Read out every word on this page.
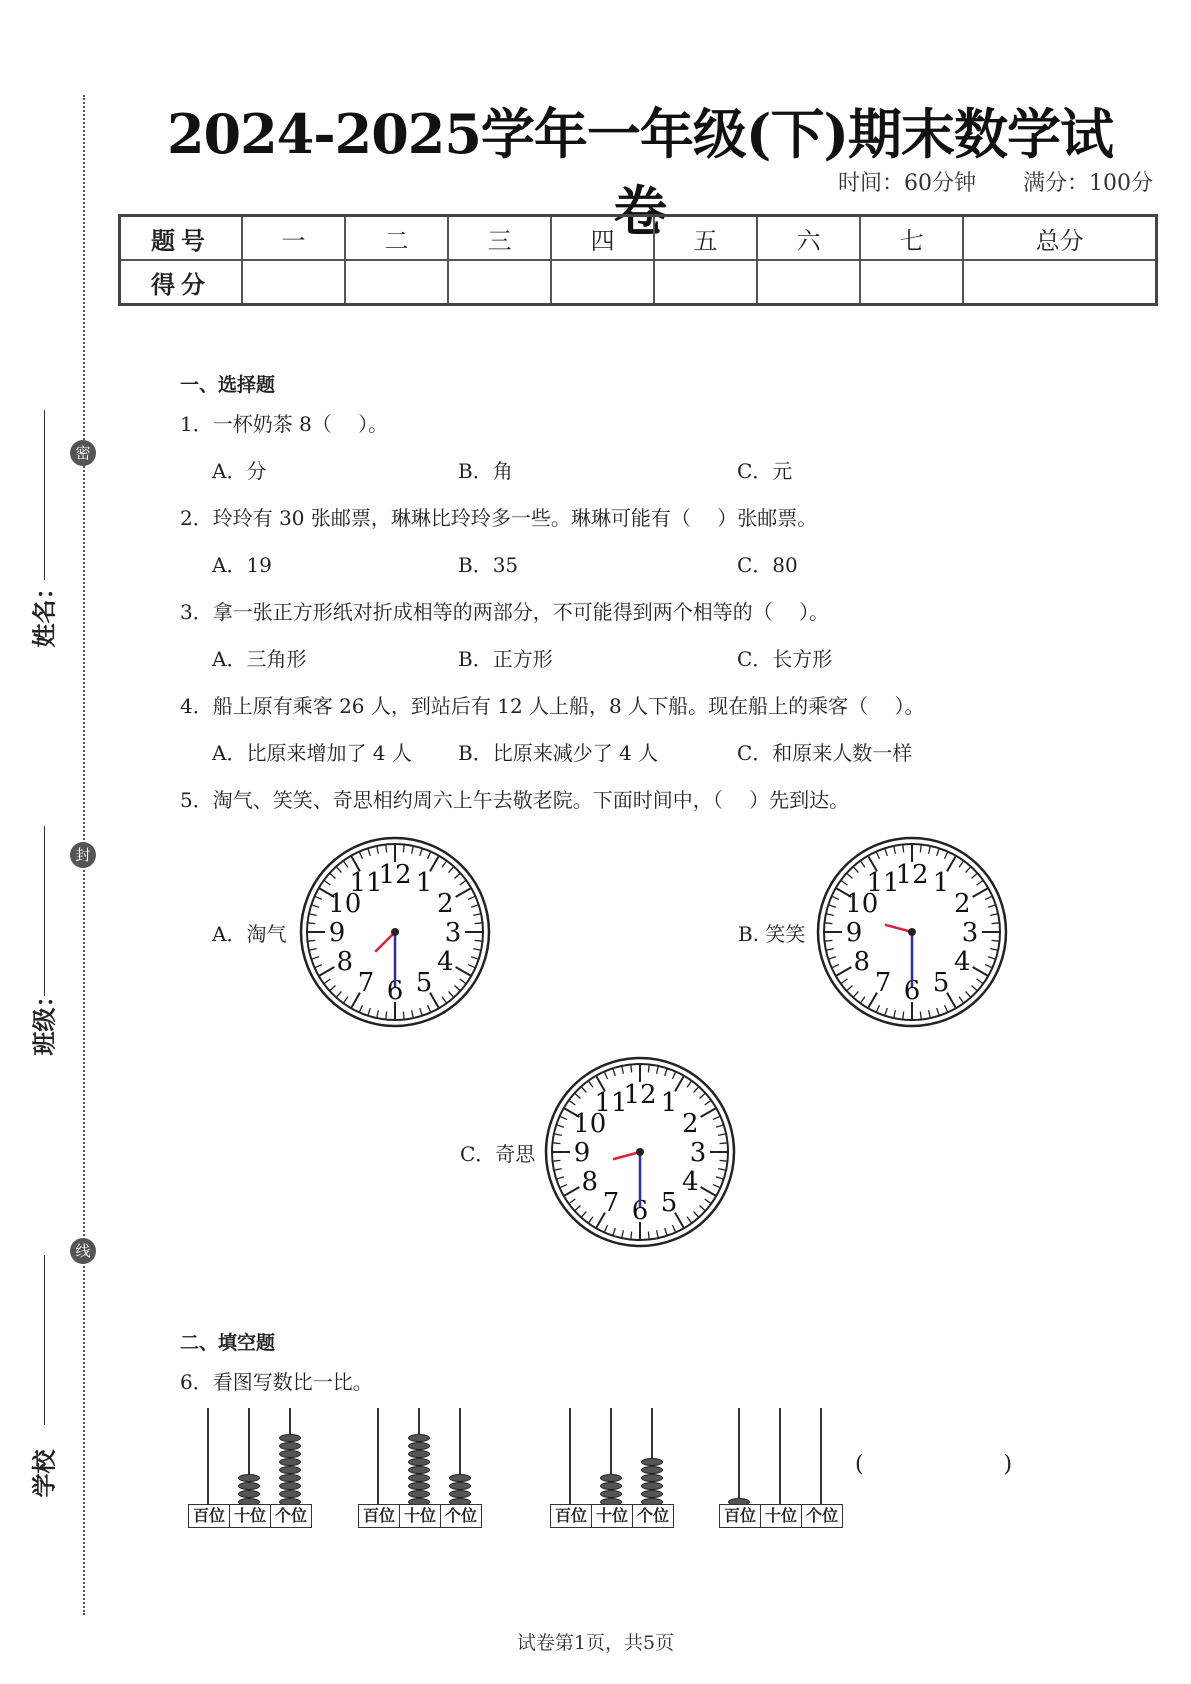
密
封
线
姓名：
班级：
学校
2024-2025学年一年级(下)期末数学试卷	时间：60分钟 满分：100分
题号	一	二	三	四	五	六	七	总分
得分								
一、选择题
1．一杯奶茶 8（　 ）。
A．分	B．角	C．元
2．玲玲有 30 张邮票，琳琳比玲玲多一些。琳琳可能有（　 ）张邮票。
A．19	B．35	C．80
3．拿一张正方形纸对折成相等的两部分，不可能得到两个相等的（　 ）。
A．三角形	B．正方形	C．长方形
4．船上原有乘客 26 人，到站后有 12 人上船，8 人下船。现在船上的乘客（　 ）。
A．比原来增加了 4 人 B．比原来减少了 4 人	C．和原来人数一样
5．淘气、笑笑、奇思相约周六上午去敬老院。下面时间中，（　 ）先到达。
A．淘气
1
2
3
4
5
6
7
8
9
10
11
12
B. 笑笑
1
2
3
4
5
6
7
8
9
10
11
12
C．奇思
1
2
3
4
5
6
7
8
9
10
11
12
二、填空题
6．看图写数比一比。
百位 十位 个位	百位 十位 个位	百位 十位 个位	百位 十位 个位
(                    )
试卷第1页，共5页
